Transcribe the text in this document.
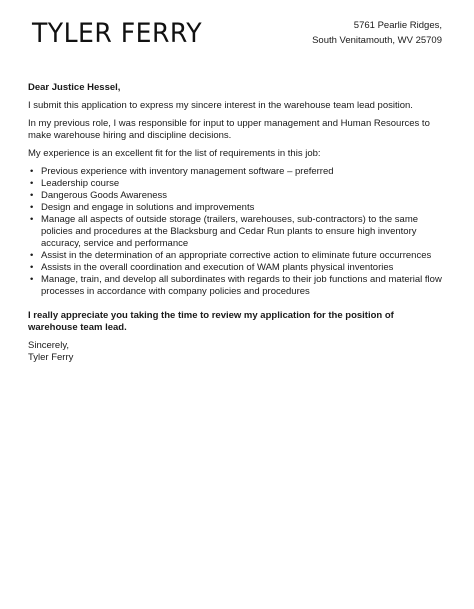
TYLER FERRY	5761 Pearlie Ridges,
South Venitamouth, WV 25709

Dear Justice Hessel,

I submit this application to express my sincere interest in the warehouse team lead position.

In my previous role, I was responsible for input to upper management and Human Resources to make warehouse hiring and discipline decisions.

My experience is an excellent fit for the list of requirements in this job:

• Previous experience with inventory management software – preferred
• Leadership course
• Dangerous Goods Awareness
• Design and engage in solutions and improvements
• Manage all aspects of outside storage (trailers, warehouses, sub-contractors) to the same policies and procedures at the Blacksburg and Cedar Run plants to ensure high inventory accuracy, service and performance
• Assist in the determination of an appropriate corrective action to eliminate future occurrences
• Assists in the overall coordination and execution of WAM plants physical inventories
• Manage, train, and develop all subordinates with regards to their job functions and material flow processes in accordance with company policies and procedures

I really appreciate you taking the time to review my application for the position of warehouse team lead.

Sincerely,

Tyler Ferry
